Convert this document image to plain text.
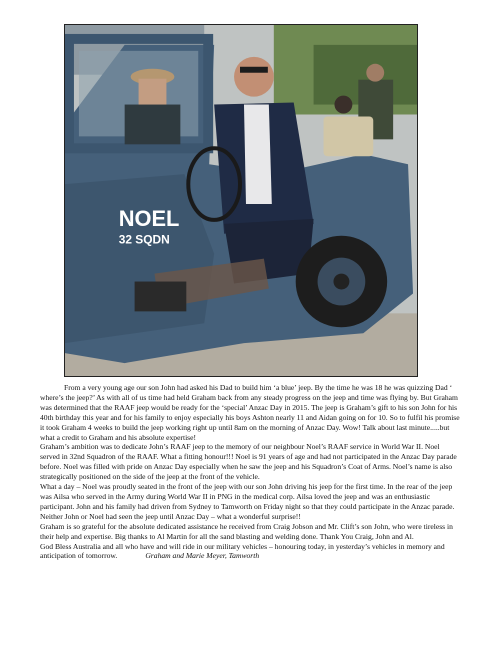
NOEL
32 SQDN

From a very young age our son John had asked his Dad to build him ‘a blue’ jeep. By the time he was 18 he was quizzing Dad ‘ where’s the jeep?’ As with all of us time had held Graham back from any steady progress on the jeep and time was flying by. But Graham was determined that the RAAF jeep would be ready for the ‘special’ Anzac Day in 2015. The jeep is Graham’s gift to his son John for his 40th birthday this year and for his family to enjoy especially his boys Ashton nearly 11 and Aidan going on for 10. So to fulfil his promise it took Graham 4 weeks to build the jeep working right up until 8am on the morning of Anzac Day. Wow! Talk about last minute.....but what a credit to Graham and his absolute expertise!

Graham’s ambition was to dedicate John’s RAAF jeep to the memory of our neighbour Noel’s RAAF service in World War II. Noel served in 32nd Squadron of the RAAF. What a fitting honour!!! Noel is 91 years of age and had not participated in the Anzac Day parade before. Noel was filled with pride on Anzac Day especially when he saw the jeep and his Squadron’s Coat of Arms. Noel’s name is also strategically positioned on the side of the jeep at the front of the vehicle.

What a day – Noel was proudly seated in the front of the jeep with our son John driving his jeep for the first time. In the rear of the jeep was Ailsa who served in the Army during World War II in PNG in the medical corp. Ailsa loved the jeep and was an enthusiastic participant. John and his family had driven from Sydney to Tamworth on Friday night so that they could participate in the Anzac parade. Neither John or Noel had seen the jeep until Anzac Day – what a wonderful surprise!!

Graham is so grateful for the absolute dedicated assistance he received from Craig Jobson and Mr. Clift’s son John, who were tireless in their help and expertise. Big thanks to Al Martin for all the sand blasting and welding done. Thank You Craig, John and Al.

God Bless Australia and all who have and will ride in our military vehicles – honouring today, in yesterday’s vehicles in memory and anticipation of tomorrow.	Graham and Marie Meyer, Tamworth
